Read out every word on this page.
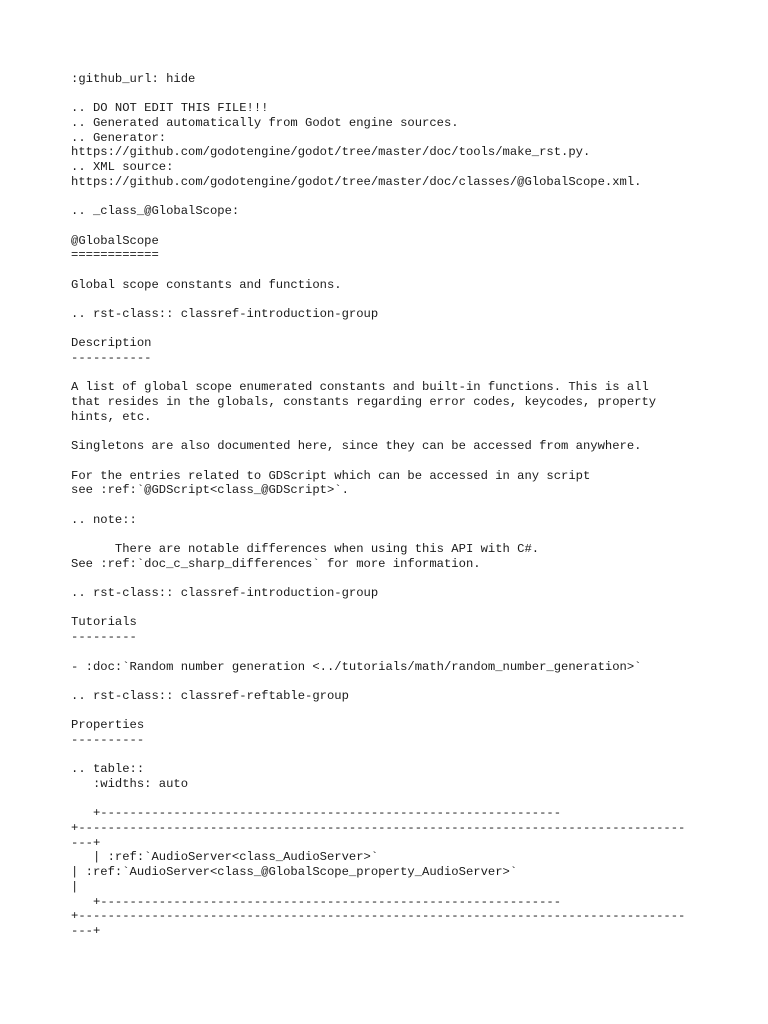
:github_url: hide
.. DO NOT EDIT THIS FILE!!!
.. Generated automatically from Godot engine sources.
.. Generator:
https://github.com/godotengine/godot/tree/master/doc/tools/make_rst.py.
.. XML source:
https://github.com/godotengine/godot/tree/master/doc/classes/@GlobalScope.xml.
.. _class_@GlobalScope:
@GlobalScope
============
Global scope constants and functions.
.. rst-class:: classref-introduction-group
Description
-----------
A list of global scope enumerated constants and built-in functions. This is all
that resides in the globals, constants regarding error codes, keycodes, property
hints, etc.
Singletons are also documented here, since they can be accessed from anywhere.
For the entries related to GDScript which can be accessed in any script
see :ref:`@GDScript<class_@GDScript>`.
.. note::
There are notable differences when using this API with C#.
See :ref:`doc_c_sharp_differences` for more information.
.. rst-class:: classref-introduction-group
Tutorials
---------
- :doc:`Random number generation <../tutorials/math/random_number_generation>`
.. rst-class:: classref-reftable-group
Properties
----------
.. table::
:widths: auto
+---------------------------------------------------------------
+-----------------------------------------------------------------------------------
---+
| :ref:`AudioServer<class_AudioServer>`
| :ref:`AudioServer<class_@GlobalScope_property_AudioServer>`
|
+---------------------------------------------------------------
+-----------------------------------------------------------------------------------
---+
